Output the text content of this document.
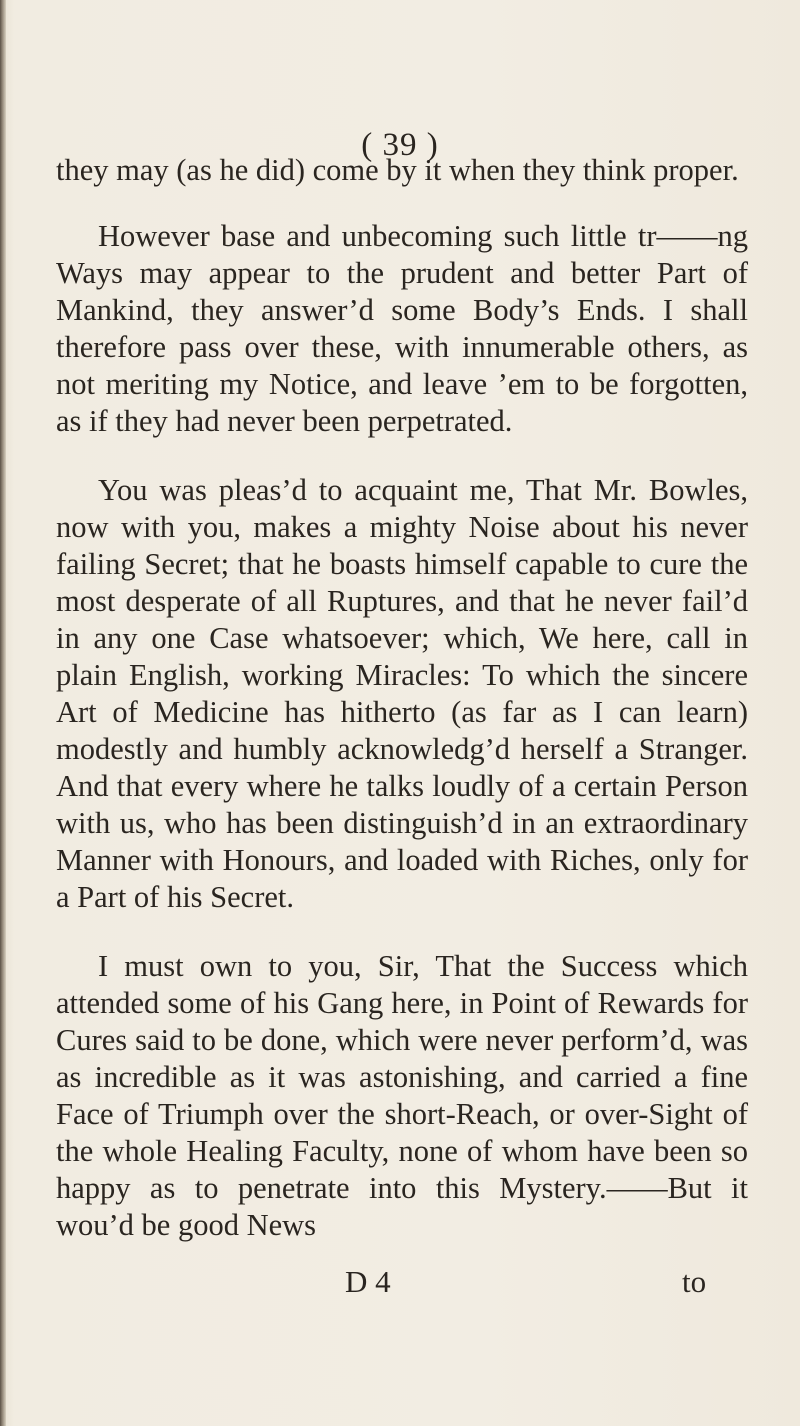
( 39 )

they may (as he did) come by it when they think proper.

However base and unbecoming such little tr——ng Ways may appear to the prudent and better Part of Mankind, they answer’d some Body’s Ends. I shall therefore pass over these, with innumerable others, as not meriting my Notice, and leave ’em to be forgotten, as if they had never been perpetrated.

You was pleas’d to acquaint me, That Mr. Bowles, now with you, makes a mighty Noise about his never failing Secret; that he boasts himself capable to cure the most desperate of all Ruptures, and that he never fail’d in any one Case whatsoever; which, We here, call in plain English, working Miracles: To which the sincere Art of Medicine has hitherto (as far as I can learn) modestly and humbly acknowledg’d herself a Stranger. And that every where he talks loudly of a certain Person with us, who has been distinguish’d in an extraordinary Manner with Honours, and loaded with Riches, only for a Part of his Secret.

I must own to you, Sir, That the Success which attended some of his Gang here, in Point of Rewards for Cures said to be done, which were never perform’d, was as incredible as it was astonishing, and carried a fine Face of Triumph over the short-Reach, or over-Sight of the whole Healing Faculty, none of whom have been so happy as to penetrate into this Mystery.——But it wou’d be good News

D 4	to
